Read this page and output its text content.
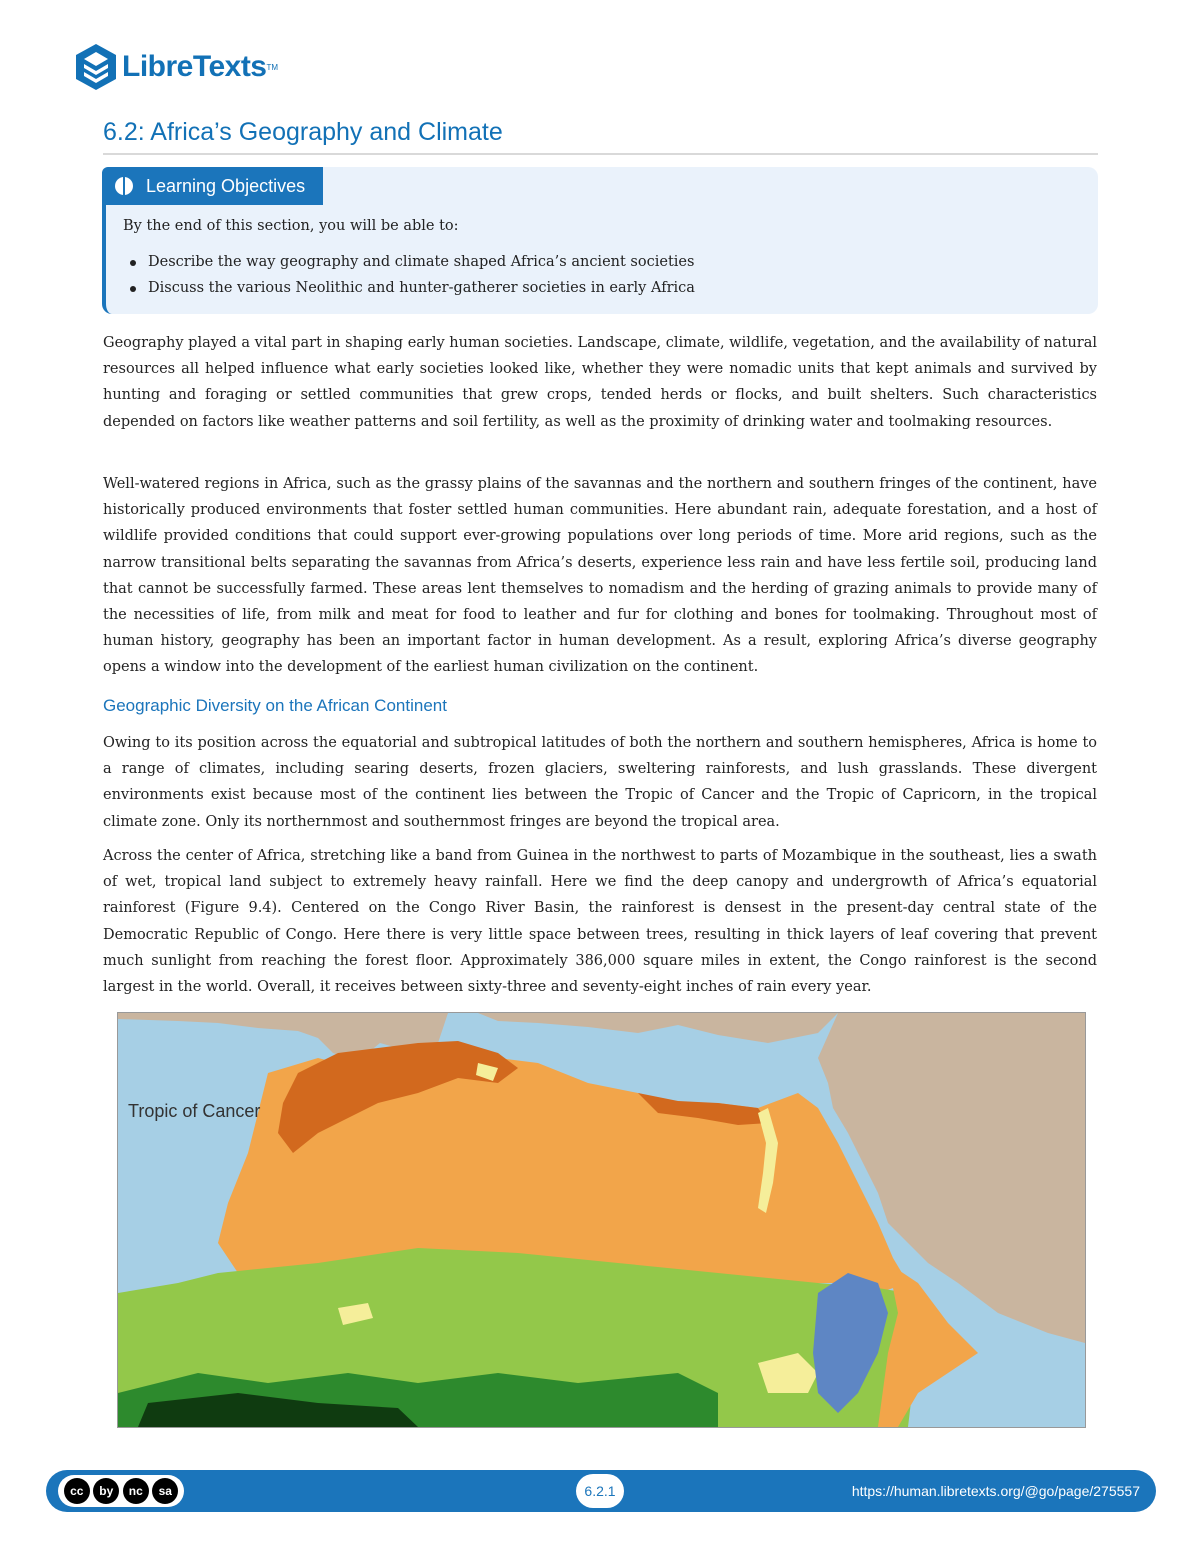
LibreTexts TM
6.2: Africa’s Geography and Climate
Learning Objectives

By the end of this section, you will be able to:

Describe the way geography and climate shaped Africa’s ancient societies
Discuss the various Neolithic and hunter-gatherer societies in early Africa

Geography played a vital part in shaping early human societies. Landscape, climate, wildlife, vegetation, and the availability of natural resources all helped influence what early societies looked like, whether they were nomadic units that kept animals and survived by hunting and foraging or settled communities that grew crops, tended herds or flocks, and built shelters. Such characteristics depended on factors like weather patterns and soil fertility, as well as the proximity of drinking water and toolmaking resources.

Well-watered regions in Africa, such as the grassy plains of the savannas and the northern and southern fringes of the continent, have historically produced environments that foster settled human communities. Here abundant rain, adequate forestation, and a host of wildlife provided conditions that could support ever-growing populations over long periods of time. More arid regions, such as the narrow transitional belts separating the savannas from Africa’s deserts, experience less rain and have less fertile soil, producing land that cannot be successfully farmed. These areas lent themselves to nomadism and the herding of grazing animals to provide many of the necessities of life, from milk and meat for food to leather and fur for clothing and bones for toolmaking. Throughout most of human history, geography has been an important factor in human development. As a result, exploring Africa’s diverse geography opens a window into the development of the earliest human civilization on the continent.

Geographic Diversity on the African Continent

Owing to its position across the equatorial and subtropical latitudes of both the northern and southern hemispheres, Africa is home to a range of climates, including searing deserts, frozen glaciers, sweltering rainforests, and lush grasslands. These divergent environments exist because most of the continent lies between the Tropic of Cancer and the Tropic of Capricorn, in the tropical climate zone. Only its northernmost and southernmost fringes are beyond the tropical area.

Across the center of Africa, stretching like a band from Guinea in the northwest to parts of Mozambique in the southeast, lies a swath of wet, tropical land subject to extremely heavy rainfall. Here we find the deep canopy and undergrowth of Africa’s equatorial rainforest (Figure 9.4). Centered on the Congo River Basin, the rainforest is densest in the present-day central state of the Democratic Republic of Congo. Here there is very little space between trees, resulting in thick layers of leaf covering that prevent much sunlight from reaching the forest floor. Approximately 386,000 square miles in extent, the Congo rainforest is the second largest in the world. Overall, it receives between sixty-three and seventy-eight inches of rain every year.

Tropic of Cancer
cc	by	nc	sa	6.2.1	https://human.libretexts.org/@go/page/275557
